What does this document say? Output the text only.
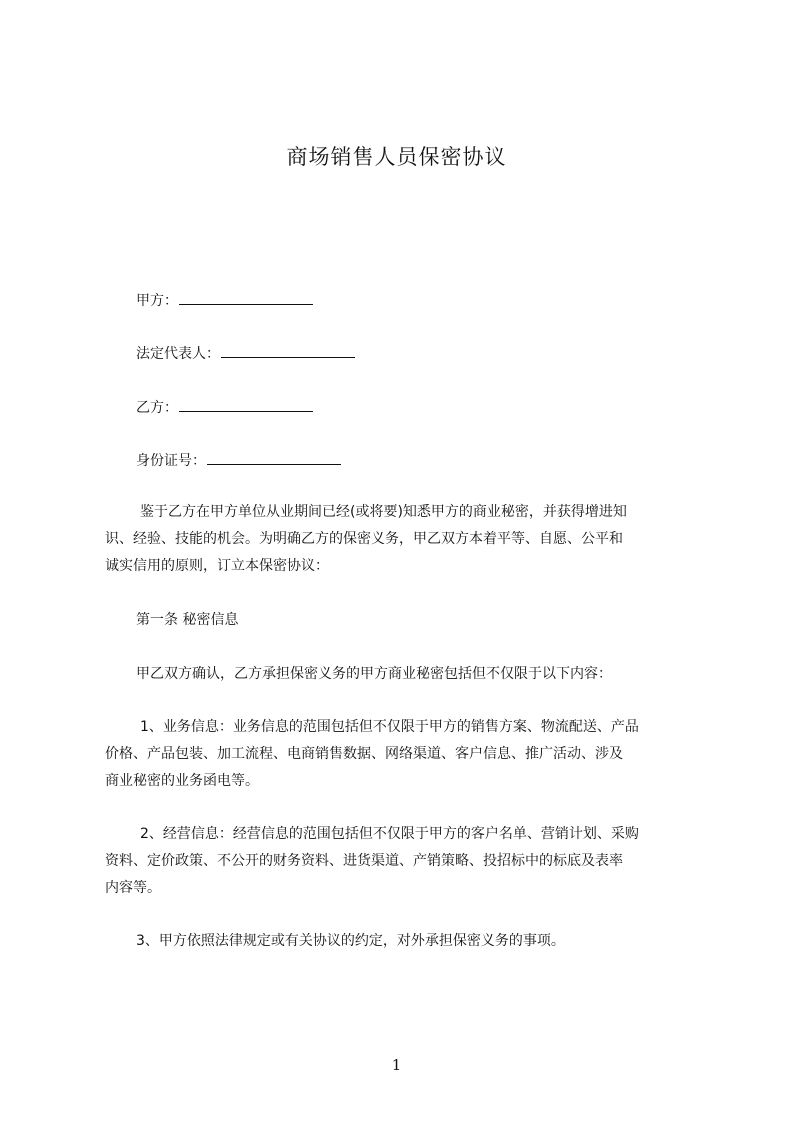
商场销售人员保密协议
甲方：
法定代表人：
乙方：
身份证号：
鉴于乙方在甲方单位从业期间已经(或将要)知悉甲方的商业秘密，并获得增进知
识、经验、技能的机会。为明确乙方的保密义务，甲乙双方本着平等、自愿、公平和
诚实信用的原则，订立本保密协议：
第一条 秘密信息
甲乙双方确认，乙方承担保密义务的甲方商业秘密包括但不仅限于以下内容：
1、业务信息：业务信息的范围包括但不仅限于甲方的销售方案、物流配送、产品
价格、产品包装、加工流程、电商销售数据、网络渠道、客户信息、推广活动、涉及
商业秘密的业务函电等。
2、经营信息：经营信息的范围包括但不仅限于甲方的客户名单、营销计划、采购
资料、定价政策、不公开的财务资料、进货渠道、产销策略、投招标中的标底及表率
内容等。
3、甲方依照法律规定或有关协议的约定，对外承担保密义务的事项。
1
